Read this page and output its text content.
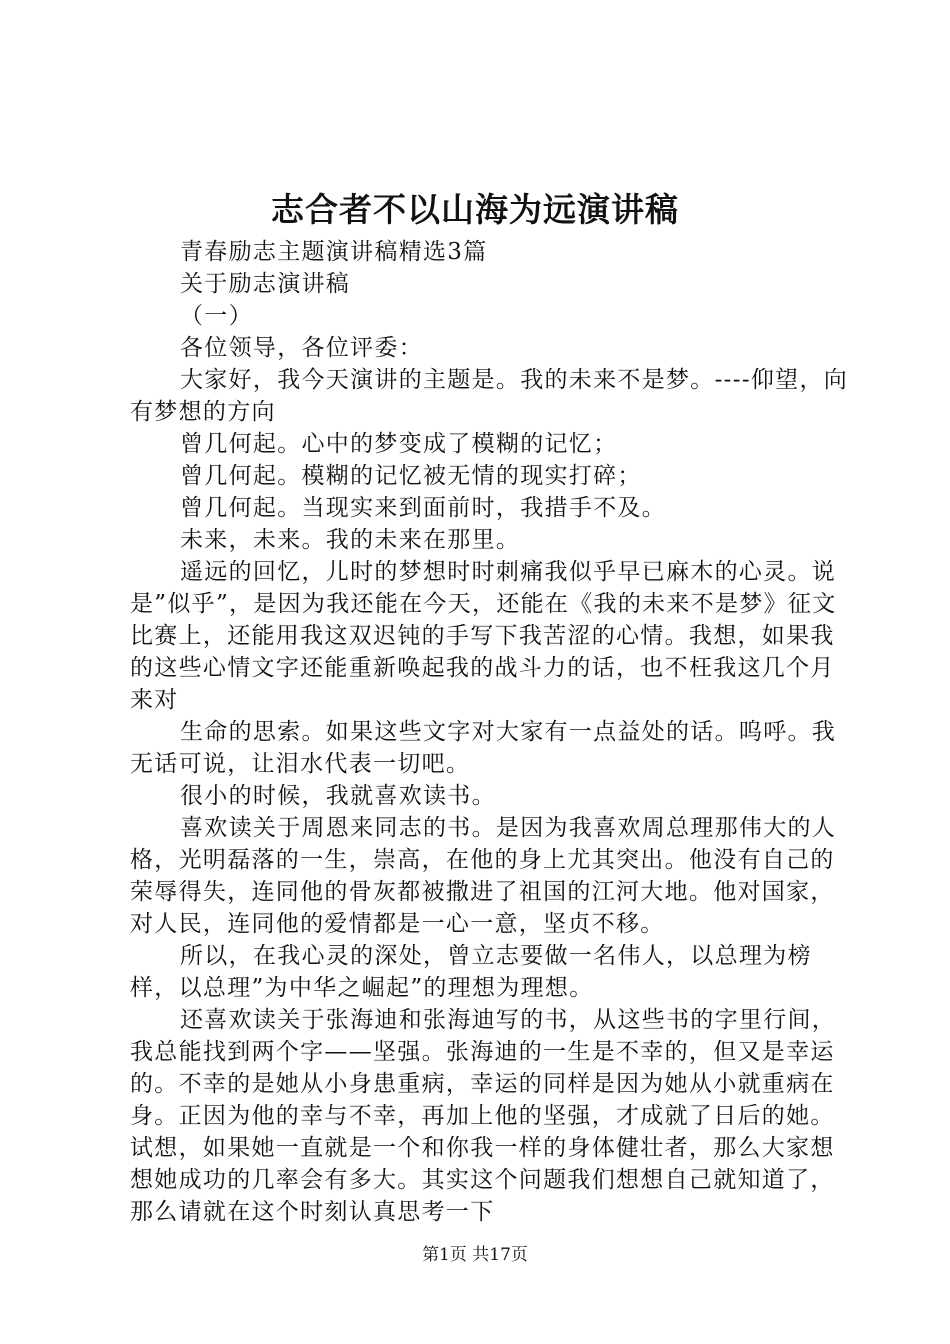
志合者不以山海为远演讲稿

青春励志主题演讲稿精选3篇

关于励志演讲稿

（一）

各位领导，各位评委：

大家好，我今天演讲的主题是。我的未来不是梦。----仰望，向有梦想的方向

曾几何起。心中的梦变成了模糊的记忆；

曾几何起。模糊的记忆被无情的现实打碎；

曾几何起。当现实来到面前时，我措手不及。

未来，未来。我的未来在那里。

遥远的回忆，儿时的梦想时时刺痛我似乎早已麻木的心灵。说是”似乎”，是因为我还能在今天，还能在《我的未来不是梦》征文比赛上，还能用我这双迟钝的手写下我苦涩的心情。我想，如果我的这些心情文字还能重新唤起我的战斗力的话，也不枉我这几个月来对

生命的思索。如果这些文字对大家有一点益处的话。呜呼。我无话可说，让泪水代表一切吧。

很小的时候，我就喜欢读书。

喜欢读关于周恩来同志的书。是因为我喜欢周总理那伟大的人格，光明磊落的一生，崇高，在他的身上尤其突出。他没有自己的荣辱得失，连同他的骨灰都被撒进了祖国的江河大地。他对国家，对人民，连同他的爱情都是一心一意，坚贞不移。

所以，在我心灵的深处，曾立志要做一名伟人，以总理为榜样，以总理”为中华之崛起”的理想为理想。

还喜欢读关于张海迪和张海迪写的书，从这些书的字里行间，我总能找到两个字——坚强。张海迪的一生是不幸的，但又是幸运的。不幸的是她从小身患重病，幸运的同样是因为她从小就重病在身。正因为他的幸与不幸，再加上他的坚强，才成就了日后的她。试想，如果她一直就是一个和你我一样的身体健壮者，那么大家想想她成功的几率会有多大。其实这个问题我们想想自己就知道了，那么请就在这个时刻认真思考一下

第1页 共17页
